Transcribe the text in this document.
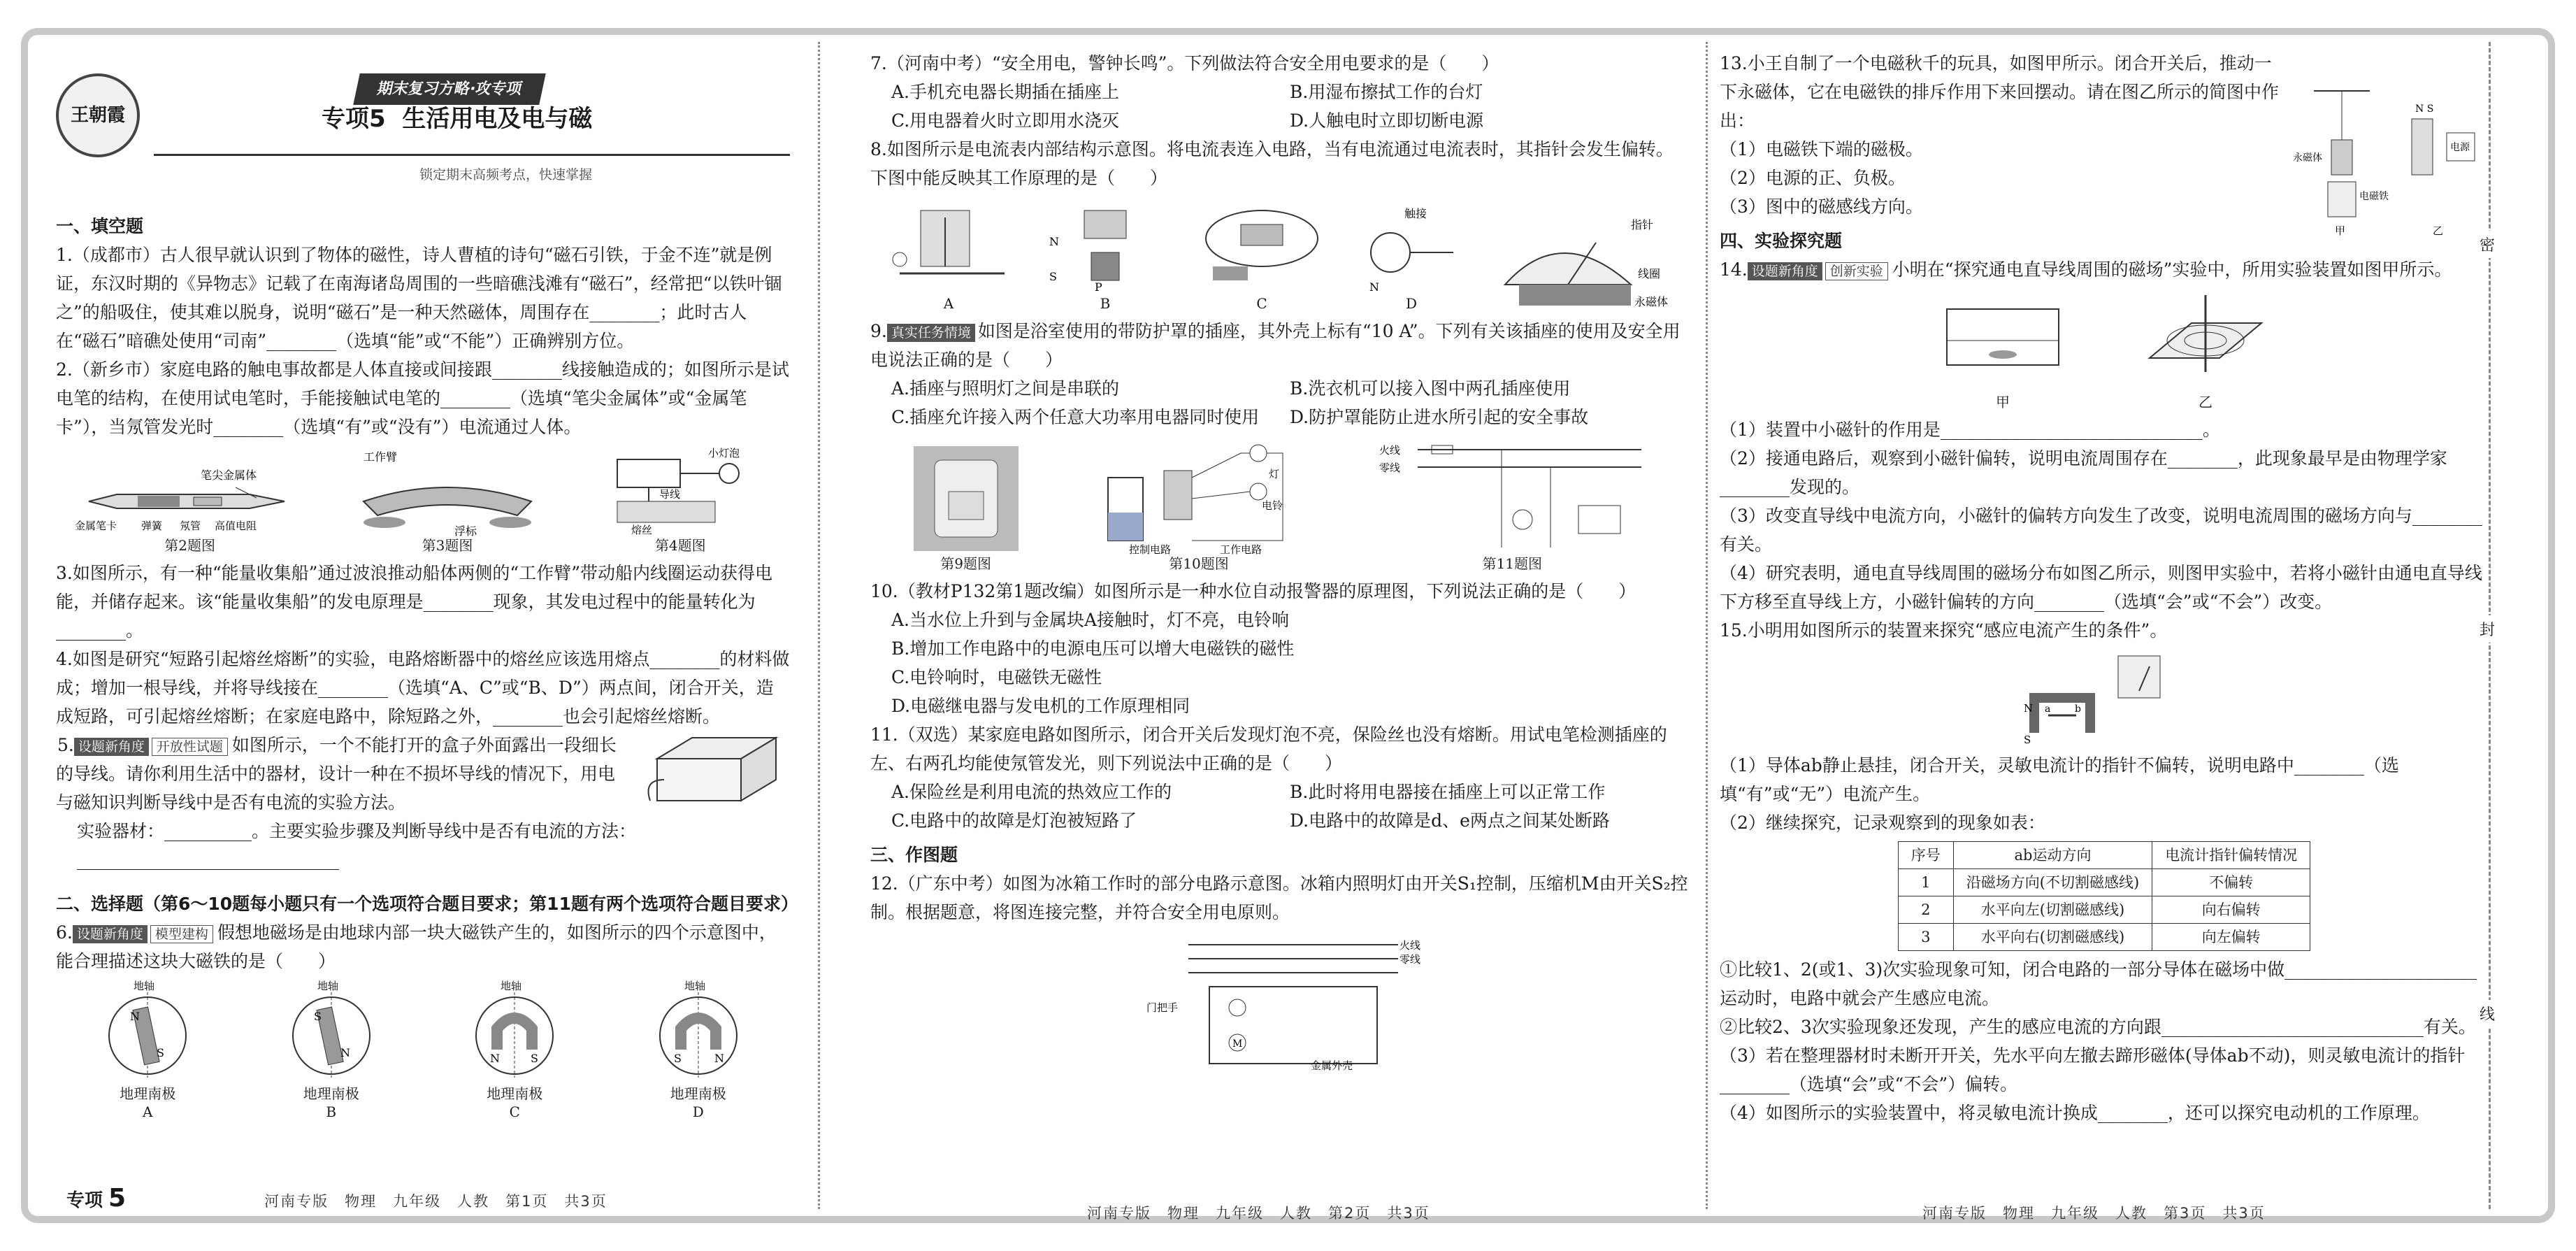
密
封
线
王朝霞
期末复习方略·攻专项
专项5  生活用电及电与磁
锁定期末高频考点，快速掌握

一、填空题

1.（成都市）古人很早就认识到了物体的磁性，诗人曹植的诗句“磁石引铁，于金不连”就是例证，东汉时期的《异物志》记载了在南海诸岛周围的一些暗礁浅滩有“磁石”，经常把“以铁叶锢之”的船吸住，使其难以脱身，说明“磁石”是一种天然磁体，周围存在________；此时古人在“磁石”暗礁处使用“司南”________（选填“能”或“不能”）正确辨别方位。

2.（新乡市）家庭电路的触电事故都是人体直接或间接跟________线接触造成的；如图所示是试电笔的结构，在使用试电笔时，手能接触试电笔的________（选填“笔尖金属体”或“金属笔卡”），当氖管发光时________（选填“有”或“没有”）电流通过人体。

笔尖金属体
金属笔卡 弹簧 氖管 高值电阻
第2题图
工作臂
浮标
第3题图
小灯泡
导线
熔丝
第4题图

3.如图所示，有一种“能量收集船”通过波浪推动船体两侧的“工作臂”带动船内线圈运动获得电能，并储存起来。该“能量收集船”的发电原理是________现象，其发电过程中的能量转化为________。

4.如图是研究“短路引起熔丝熔断”的实验，电路熔断器中的熔丝应该选用熔点________的材料做成；增加一根导线，并将导线接在________（选填“A、C”或“B、D”）两点间，闭合开关，造成短路，可引起熔丝熔断；在家庭电路中，除短路之外，________也会引起熔丝熔断。

5. 设题新角度 开放性试题 如图所示，一个不能打开的盒子外面露出一段细长的导线。请你利用生活中的器材，设计一种在不损坏导线的情况下，用电与磁知识判断导线中是否有电流的实验方法。

实验器材：__________。主要实验步骤及判断导线中是否有电流的方法：______________________________

二、选择题（第6～10题每小题只有一个选项符合题目要求；第11题有两个选项符合题目要求）

6. 设题新角度 模型建构 假想地磁场是由地球内部一块大磁铁产生的，如图所示的四个示意图中，能合理描述这块大磁铁的是（　　）

地轴
N
S
地理南极
A
地轴
S
N
地理南极
B
地轴
N	S
地理南极
C
地轴
S	N
地理南极
D
专项 5	河南专版　物理　九年级　人教　第1页　共3页

7.（河南中考）“安全用电，警钟长鸣”。下列做法符合安全用电要求的是（　　）

A.手机充电器长期插在插座上	B.用湿布擦拭工作的台灯
C.用电器着火时立即用水浇灭	D.人触电时立即切断电源

8.如图所示是电流表内部结构示意图。将电流表连入电路，当有电流通过电流表时，其指针会发生偏转。下图中能反映其工作原理的是（　　）

A
N
S
P
B	C
触接
N
D
指针
线圈
永磁体

9. 真实任务情境 如图是浴室使用的带防护罩的插座，其外壳上标有“10 A”。下列有关该插座的使用及安全用电说法正确的是（　　）

A.插座与照明灯之间是串联的	B.洗衣机可以接入图中两孔插座使用
C.插座允许接入两个任意大功率用电器同时使用	D.防护罩能防止进水所引起的安全事故
第9题图
灯
电铃
控制电路	工作电路
第10题图
火线
零线
第11题图

10.（教材P132第1题改编）如图所示是一种水位自动报警器的原理图，下列说法正确的是（　　）

A.当水位上升到与金属块A接触时，灯不亮，电铃响

B.增加工作电路中的电源电压可以增大电磁铁的磁性

C.电铃响时，电磁铁无磁性

D.电磁继电器与发电机的工作原理相同

11.（双选）某家庭电路如图所示，闭合开关后发现灯泡不亮，保险丝也没有熔断。用试电笔检测插座的左、右两孔均能使氖管发光，则下列说法中正确的是（　　）

A.保险丝是利用电流的热效应工作的	B.此时将用电器接在插座上可以正常工作
C.电路中的故障是灯泡被短路了	D.电路中的故障是d、e两点之间某处断路

三、作图题

12.（广东中考）如图为冰箱工作时的部分电路示意图。冰箱内照明灯由开关S₁控制，压缩机M由开关S₂控制。根据题意，将图连接完整，并符合安全用电原则。

M
火线
零线
门把手
金属外壳
河南专版　物理　九年级　人教　第2页　共3页
永磁体
电磁铁
甲	乙
电源
N S

13.小王自制了一个电磁秋千的玩具，如图甲所示。闭合开关后，推动一下永磁体，它在电磁铁的排斥作用下来回摆动。请在图乙所示的简图中作出：

（1）电磁铁下端的磁极。

（2）电源的正、负极。

（3）图中的磁感线方向。

四、实验探究题

14. 设题新角度 创新实验 小明在“探究通电直导线周围的磁场”实验中，所用实验装置如图甲所示。

甲	乙

（1）装置中小磁针的作用是______________________________。

（2）接通电路后，观察到小磁针偏转，说明电流周围存在________，此现象最早是由物理学家________发现的。

（3）改变直导线中电流方向，小磁针的偏转方向发生了改变，说明电流周围的磁场方向与________有关。

（4）研究表明，通电直导线周围的磁场分布如图乙所示，则图甲实验中，若将小磁针由通电直导线下方移至直导线上方，小磁针偏转的方向________（选填“会”或“不会”）改变。

15.小明用如图所示的装置来探究“感应电流产生的条件”。

N
S
a b

（1）导体ab静止悬挂，闭合开关，灵敏电流计的指针不偏转，说明电路中________（选填“有”或“无”）电流产生。

（2）继续探究，记录观察到的现象如表：

序号	ab运动方向	电流计指针偏转情况
1	沿磁场方向(不切割磁感线)	不偏转
2	水平向左(切割磁感线)	向右偏转
3	水平向右(切割磁感线)	向左偏转

①比较1、2(或1、3)次实验现象可知，闭合电路的一部分导体在磁场中做______________________运动时，电路中就会产生感应电流。

②比较2、3次实验现象还发现，产生的感应电流的方向跟______________________________有关。

（3）若在整理器材时未断开开关，先水平向左撤去蹄形磁体(导体ab不动)，则灵敏电流计的指针________（选填“会”或“不会”）偏转。

（4）如图所示的实验装置中，将灵敏电流计换成________，还可以探究电动机的工作原理。

河南专版　物理　九年级　人教　第3页　共3页
